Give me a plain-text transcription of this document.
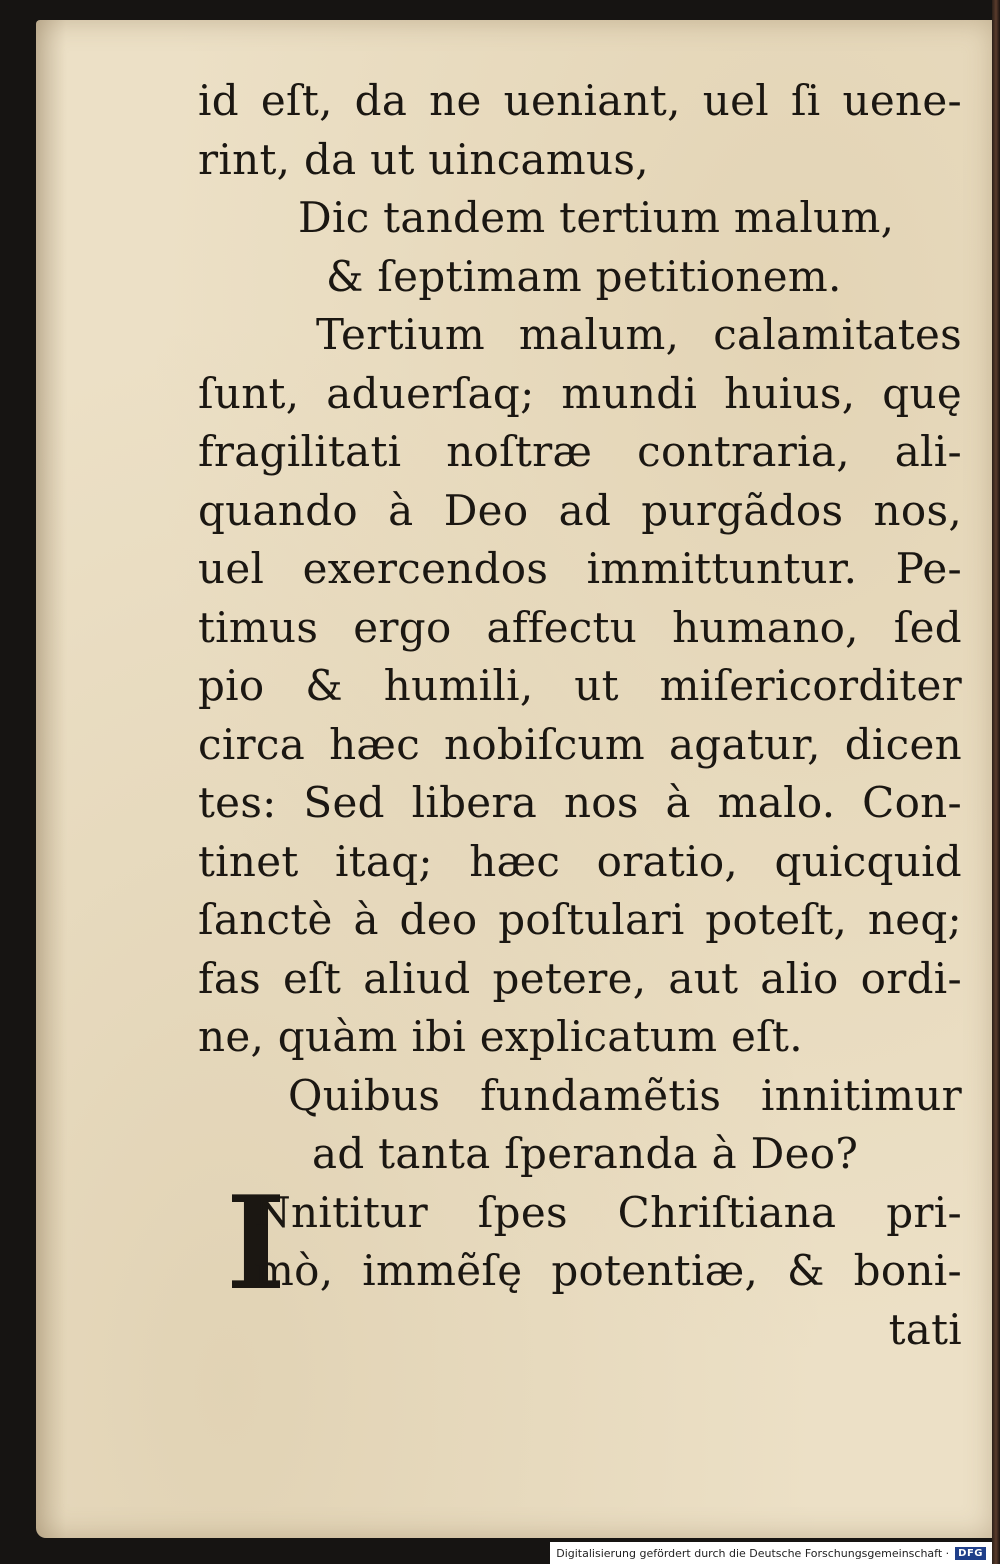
I
id eſt, da ne ueniant, uel ſi uene-
rint, da ut uincamus,
Dic tandem tertium malum,
& ſeptimam petitionem.
Tertium malum, calamitates
ſunt, aduerſaq; mundi huius, quę
fragilitati noſtræ contraria, ali-
quando à Deo ad purgãdos nos,
uel exercendos immittuntur. Pe-
timus ergo affectu humano, ſed
pio & humili, ut miſericorditer
circa hæc nobiſcum agatur, dicen
tes: Sed libera nos à malo. Con-
tinet itaq; hæc oratio, quicquid
ſanctè à deo poſtulari poteſt, neq;
fas eſt aliud petere, aut alio ordi-
ne, quàm ibi explicatum eſt.
Quibus fundamẽtis innitimur
ad tanta ſperanda à Deo?
Nnititur ſpes Chriſtiana pri-
mò, immẽſę potentiæ, & boni-
tati
Digitalisierung gefördert durch die Deutsche Forschungsgemeinschaft · DFG
